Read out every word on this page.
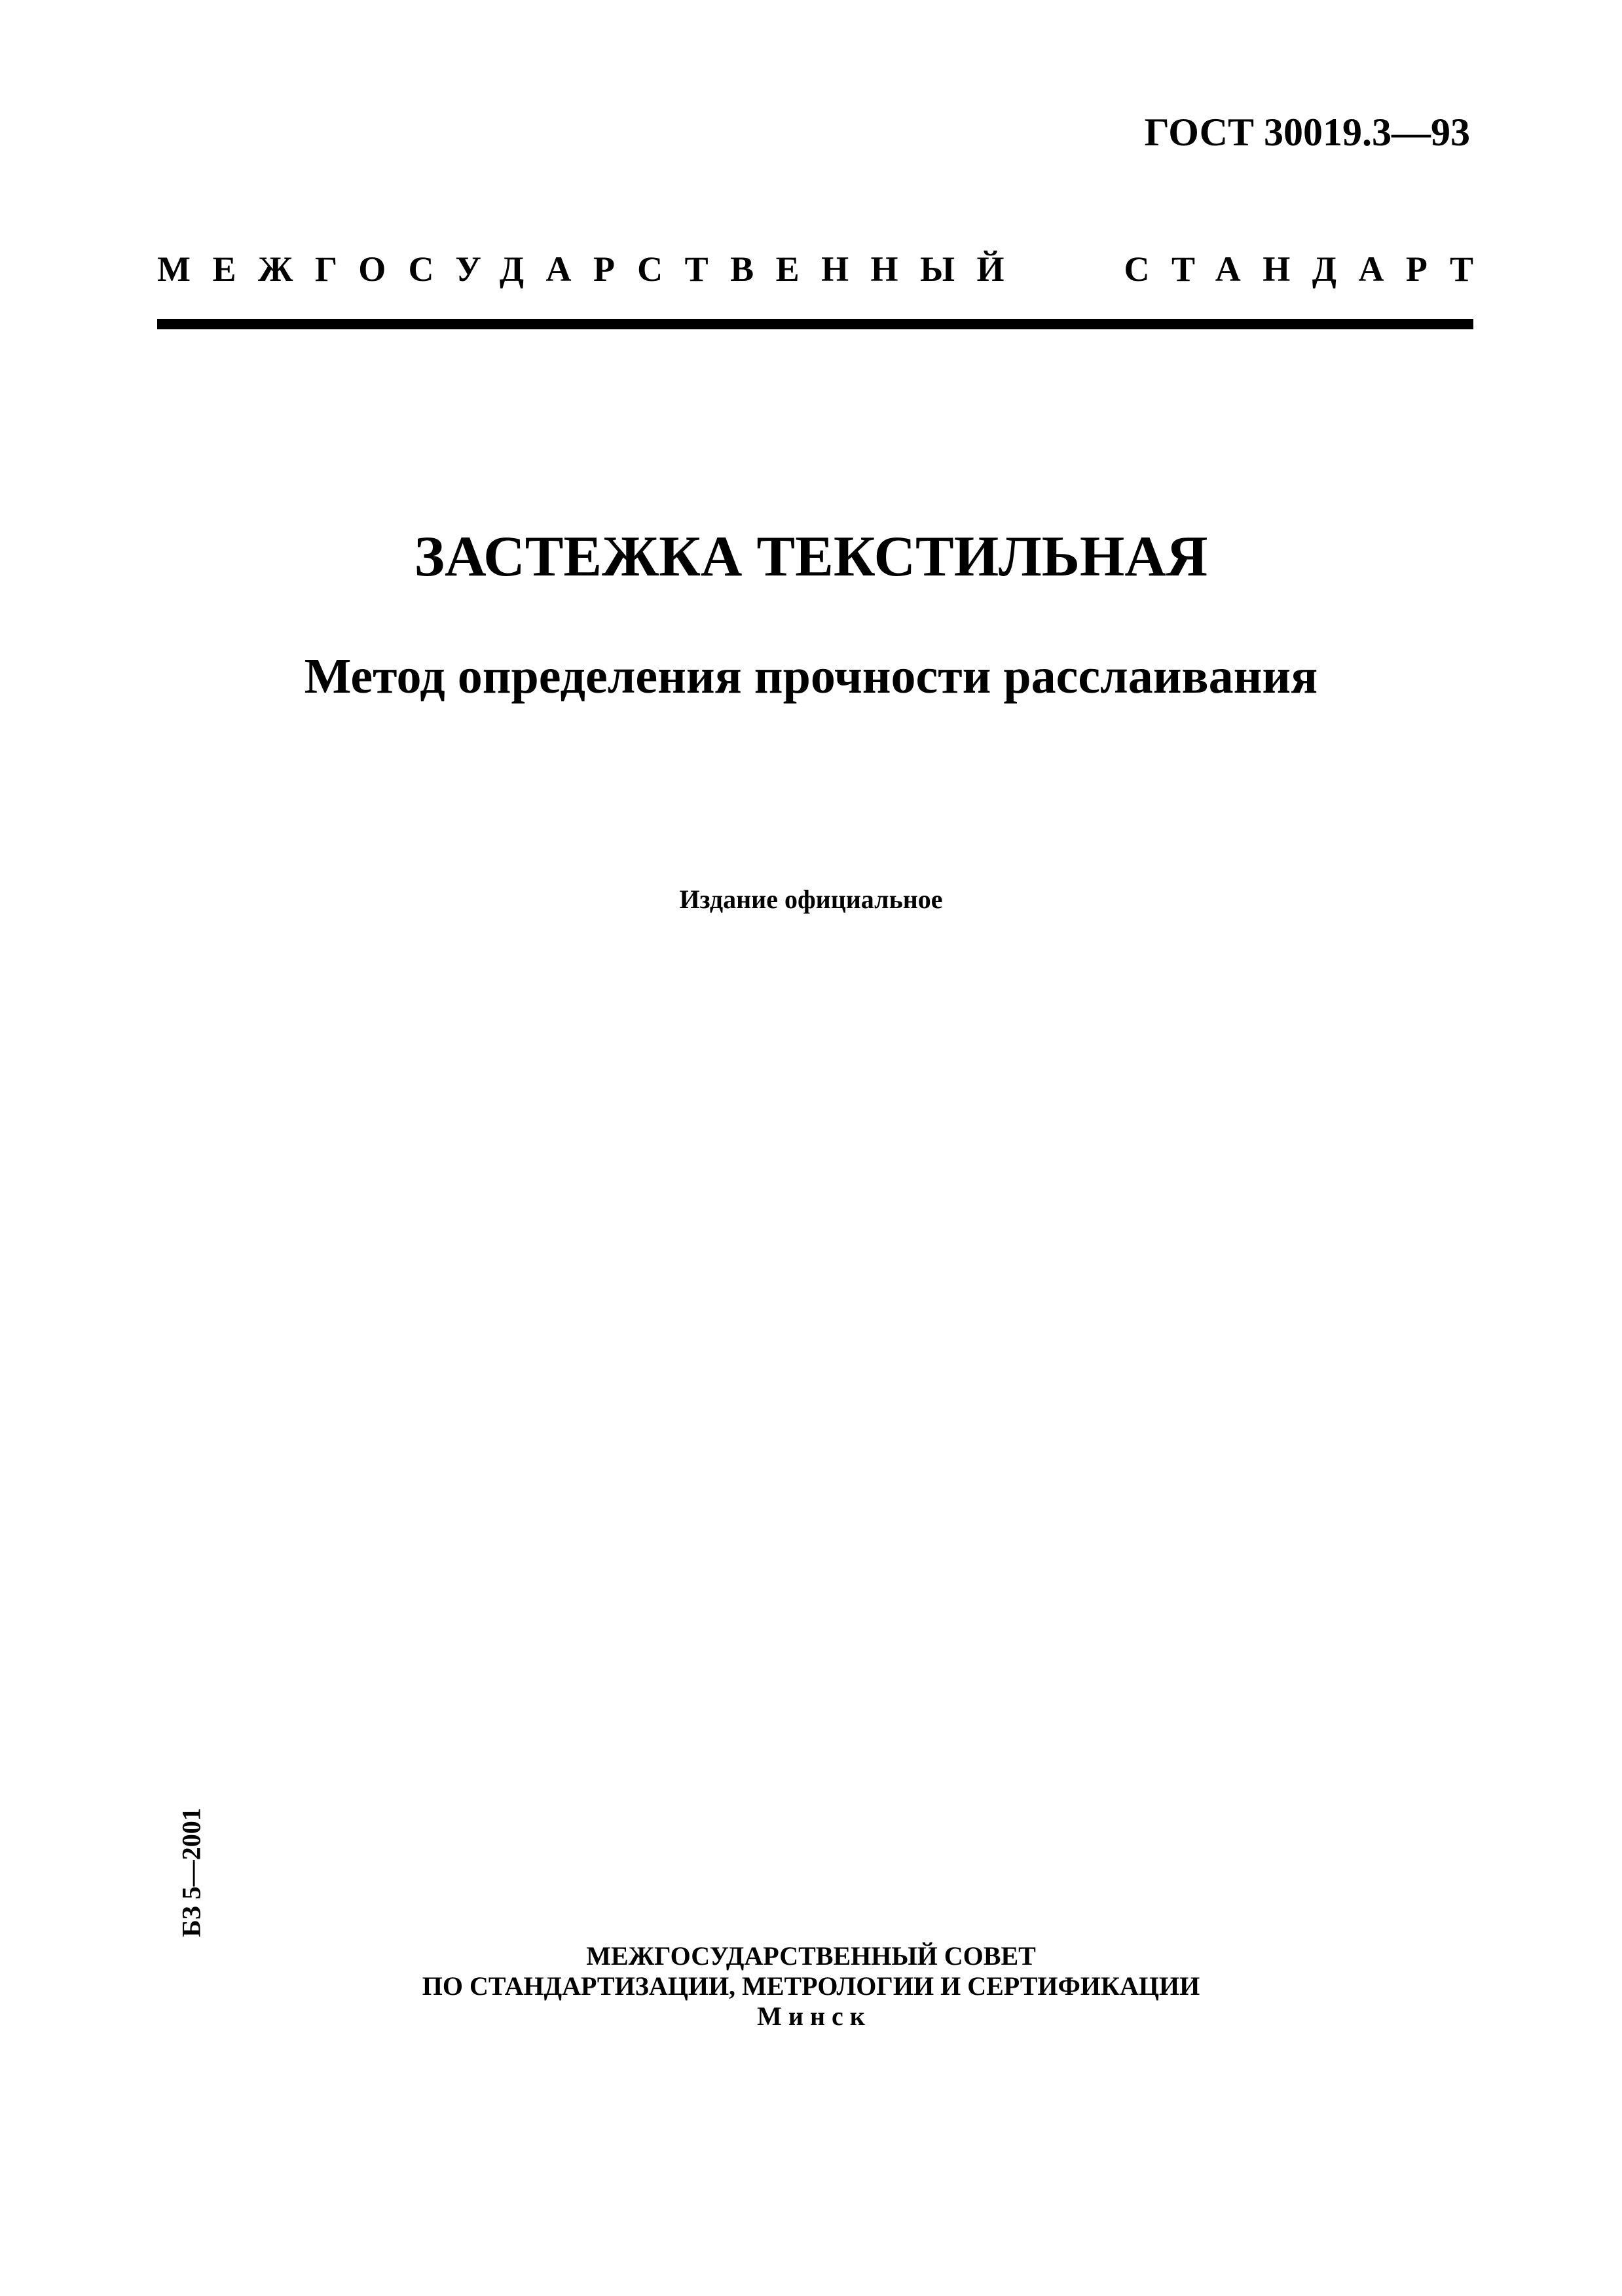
ГОСТ 30019.3—93
МЕЖГОСУДАРСТВЕННЫЙ	СТАНДАРТ
ЗАСТЕЖКА ТЕКСТИЛЬНАЯ
Метод определения прочности расслаивания
Издание официальное
БЗ 5—2001
МЕЖГОСУДАРСТВЕННЫЙ СОВЕТ
ПО СТАНДАРТИЗАЦИИ, МЕТРОЛОГИИ И СЕРТИФИКАЦИИ
Минск
